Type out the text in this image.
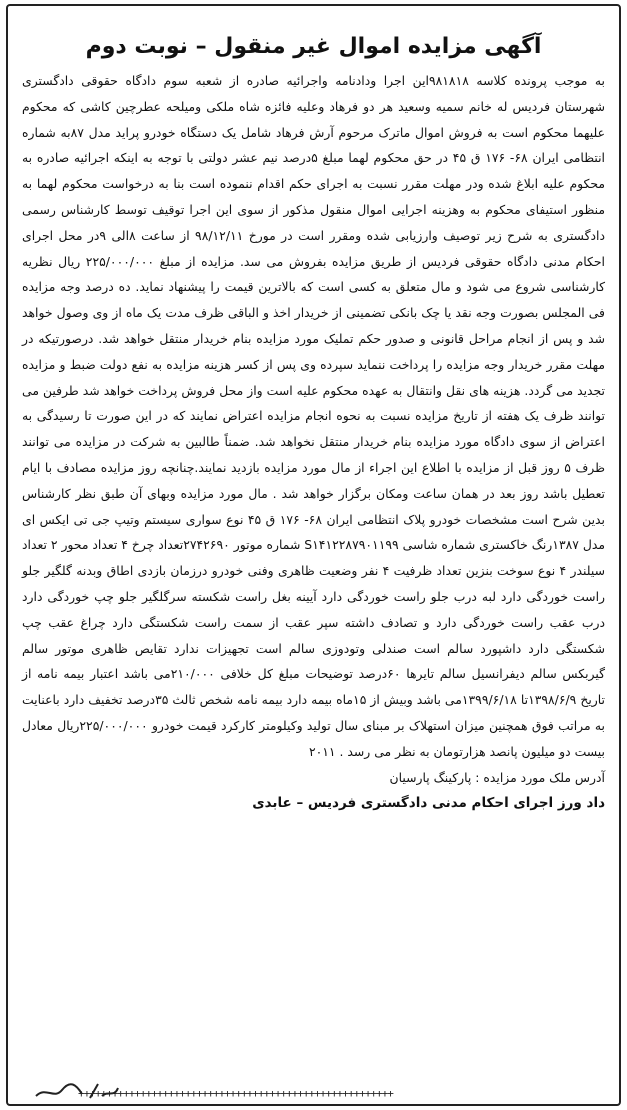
آگهی مزایده اموال غیر منقول – نوبت دوم

به موجب پرونده کلاسه ۹۸۱۸۱۸این اجرا ودادنامه واجرائیه صادره از شعبه سوم دادگاه حقوقی دادگستری شهرستان فردیس له خانم سمیه وسعید هر دو فرهاد وعلیه فائزه شاه ملکی ومیلحه عطرچین کاشی که محکوم علیهما محکوم است به فروش اموال ماترک مرحوم آرش فرهاد شامل یک دستگاه خودرو پراید مدل ۸۷به شماره انتظامی ایران ۶۸- ۱۷۶ ق ۴۵ در حق محکوم لهما مبلغ ۵درصد نیم عشر دولتی با توجه به اینکه اجرائیه صادره به محکوم علیه ابلاغ شده ودر مهلت مقرر نسبت به اجرای حکم اقدام ننموده است بنا به درخواست محکوم لهما به منظور استیفای محکوم به وهزینه اجرایی اموال منقول مذکور از سوی این اجرا توقیف توسط کارشناس رسمی دادگستری به شرح زیر توصیف وارزیابی شده ومقرر است در مورخ ۹۸/۱۲/۱۱ از ساعت ۸الی ۹در محل اجرای احکام مدنی دادگاه حقوقی فردیس از طریق مزایده بفروش می سد. مزایده از مبلغ ۲۲۵/۰۰۰/۰۰۰ ریال نظریه کارشناسی شروع می شود و مال متعلق به کسی است که بالاترین قیمت را پیشنهاد نماید. ده درصد وجه مزایده فی المجلس بصورت وجه نقد یا چک بانکی تضمینی از خریدار اخذ و الباقی ظرف مدت یک ماه از وی وصول خواهد شد و پس از انجام مراحل قانونی و صدور حکم تملیک مورد مزایده بنام خریدار منتقل خواهد شد. درصورتیکه در مهلت مقرر خریدار وجه مزایده را پرداخت ننماید سپرده وی پس از کسر هزینه مزایده به نفع دولت ضبط و مزایده تجدید می گردد. هزینه های نقل وانتقال به عهده محکوم علیه است واز محل فروش پرداخت خواهد شد طرفین می توانند ظرف یک هفته از تاریخ مزایده نسبت به نحوه انجام مزایده اعتراض نمایند که در این صورت تا رسیدگی به اعتراض از سوی دادگاه مورد مزایده بنام خریدار منتقل نخواهد شد. ضمناً طالبین به شرکت در مزایده می توانند ظرف ۵ روز قبل از مزایده با اطلاع این اجراء از مال مورد مزایده بازدید نمایند.چنانچه روز مزایده مصادف با ایام تعطیل باشد روز بعد در همان ساعت ومکان برگزار خواهد شد . مال مورد مزایده وبهای آن طبق نظر کارشناس بدین شرح است مشخصات خودرو پلاک انتظامی ایران ۶۸- ۱۷۶ ق ۴۵ نوع سواری سیستم وتیپ جی تی ایکس ای مدل ۱۳۸۷رنگ خاکستری شماره شاسی S۱۴۱۲۲۸۷۹۰۱۱۹۹ شماره موتور ۲۷۴۲۶۹۰تعداد چرخ ۴ تعداد محور ۲ تعداد سیلندر ۴ نوع سوخت بنزین تعداد ظرفیت ۴ نفر وضعیت ظاهری وفنی خودرو درزمان بازدی اطاق وبدنه گلگیر جلو راست خوردگی دارد لبه درب جلو راست خوردگی دارد آیینه بغل راست شکسته سرگلگیر جلو چپ خوردگی دارد درب عقب راست خوردگی دارد و تصادف داشته سپر عقب از سمت راست شکستگی دارد چراغ عقب چپ شکستگی دارد داشپورد سالم است صندلی وتودوزی سالم است تجهیزات ندارد تقایص ظاهری موتور سالم گیربکس سالم دیفرانسیل سالم تایرها ۶۰درصد توضیحات مبلغ کل خلافی ۲۱۰/۰۰۰می باشد اعتبار بیمه نامه از تاریخ ۱۳۹۸/۶/۹تا ۱۳۹۹/۶/۱۸می باشد وبیش از ۱۵ماه بیمه دارد بیمه نامه شخص ثالث ۳۵درصد تخفیف دارد باعنایت به مراتب فوق همچنین میزان استهلاک بر مبنای سال تولید وکیلومتر کارکرد قیمت خودرو ۲۲۵/۰۰۰/۰۰۰ریال معادل بیست دو میلیون پانصد هزارتومان به نظر می رسد . ۲۰۱۱

آدرس ملک مورد مزایده : پارکینگ پارسیان

داد ورز اجرای احکام مدنی دادگستری فردیس – عابدی

++++++++++++++++++++++++++++++++++++++++++++++++++++++++
